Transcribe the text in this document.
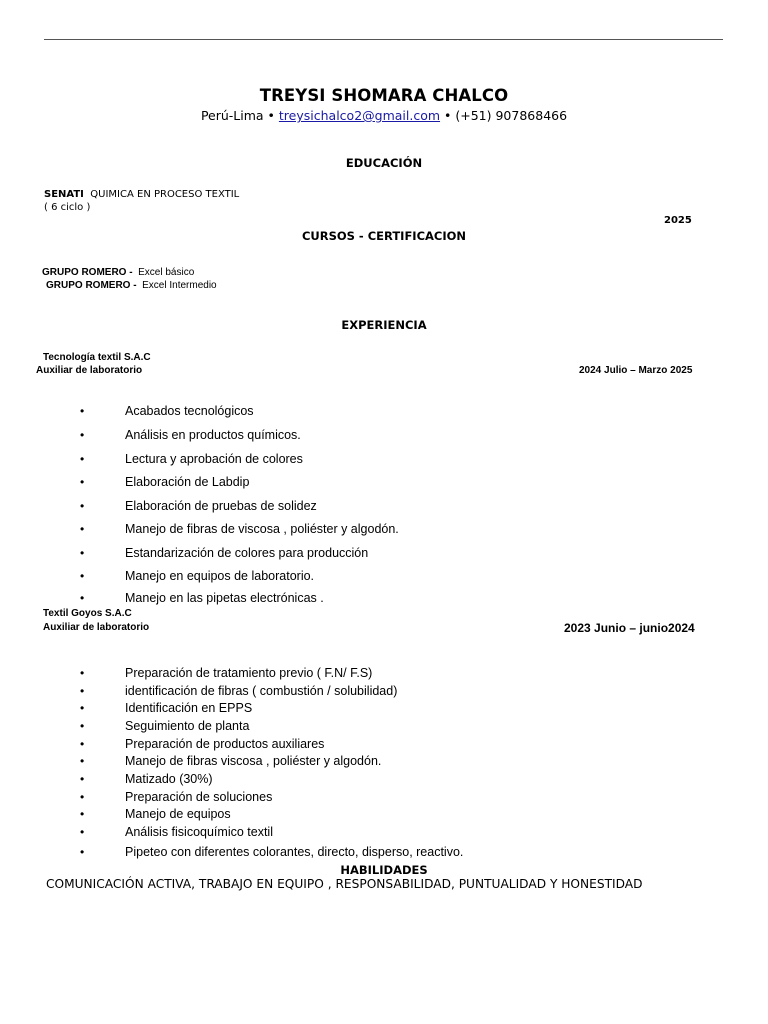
TREYSI SHOMARA CHALCO
Perú-Lima • treysichalco2@gmail.com • (+51) 907868466
EDUCACIÓN
SENATI QUIMICA EN PROCESO TEXTIL
( 6 ciclo )
2025
CURSOS - CERTIFICACION
GRUPO ROMERO - Excel básico
GRUPO ROMERO - Excel Intermedio
EXPERIENCIA
Tecnología textil S.A.C
Auxiliar de laboratorio	2024 Julio – Marzo 2025
•	Acabados tecnológicos
•	Análisis en productos químicos.
•	Lectura y aprobación de colores
•	Elaboración de Labdip
•	Elaboración de pruebas de solidez
•	Manejo de fibras de viscosa , poliéster y algodón.
•	Estandarización de colores para producción
•	Manejo en equipos de laboratorio.
•	Manejo en las pipetas electrónicas .
Textil Goyos S.A.C
Auxiliar de laboratorio	2023 Junio – junio2024
•	Preparación de tratamiento previo ( F.N/ F.S)
•	identificación de fibras ( combustión / solubilidad)
•	Identificación en EPPS
•	Seguimiento de planta
•	Preparación de productos auxiliares
•	Manejo de fibras viscosa , poliéster y algodón.
•	Matizado (30%)
•	Preparación de soluciones
•	Manejo de equipos
•	Análisis fisicoquímico textil
•	Pipeteo con diferentes colorantes, directo, disperso, reactivo.
HABILIDADES
COMUNICACIÓN ACTIVA, TRABAJO EN EQUIPO , RESPONSABILIDAD, PUNTUALIDAD Y HONESTIDAD
